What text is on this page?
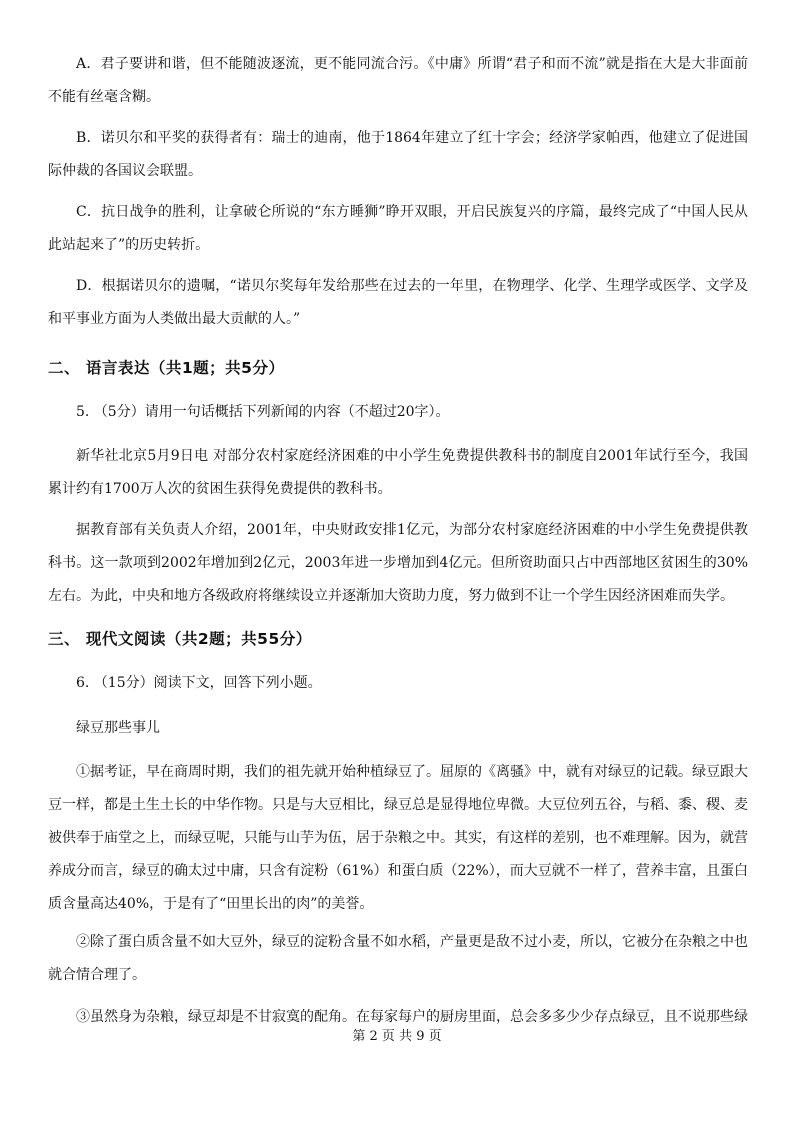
A．君子要讲和谐，但不能随波逐流，更不能同流合污。《中庸》所谓“君子和而不流”就是指在大是大非面前不能有丝毫含糊。

B．诺贝尔和平奖的获得者有：瑞士的迪南，他于1864年建立了红十字会；经济学家帕西，他建立了促进国际仲裁的各国议会联盟。

C．抗日战争的胜利，让拿破仑所说的“东方睡狮”睁开双眼，开启民族复兴的序篇，最终完成了“中国人民从此站起来了”的历史转折。

D．根据诺贝尔的遗嘱，“诺贝尔奖每年发给那些在过去的一年里，在物理学、化学、生理学或医学、文学及和平事业方面为人类做出最大贡献的人。”

二、 语言表达（共1题；共5分）

5. （5分）请用一句话概括下列新闻的内容（不超过20字）。

新华社北京5月9日电 对部分农村家庭经济困难的中小学生免费提供教科书的制度自2001年试行至今，我国累计约有1700万人次的贫困生获得免费提供的教科书。

据教育部有关负责人介绍，2001年，中央财政安排1亿元，为部分农村家庭经济困难的中小学生免费提供教科书。这一款项到2002年增加到2亿元，2003年进一步增加到4亿元。但所资助面只占中西部地区贫困生的30%左右。为此，中央和地方各级政府将继续设立并逐渐加大资助力度，努力做到不让一个学生因经济困难而失学。

三、 现代文阅读（共2题；共55分）

6. （15分）阅读下文，回答下列小题。

绿豆那些事儿

①据考证，早在商周时期，我们的祖先就开始种植绿豆了。屈原的《离骚》中，就有对绿豆的记载。绿豆跟大豆一样，都是土生土长的中华作物。只是与大豆相比，绿豆总是显得地位卑微。大豆位列五谷，与稻、黍、稷、麦被供奉于庙堂之上，而绿豆呢，只能与山芋为伍，居于杂粮之中。其实，有这样的差别，也不难理解。因为，就营养成分而言，绿豆的确太过中庸，只含有淀粉（61%）和蛋白质（22%），而大豆就不一样了，营养丰富，且蛋白质含量高达40%，于是有了“田里长出的肉”的美誉。

②除了蛋白质含量不如大豆外，绿豆的淀粉含量不如水稻，产量更是敌不过小麦，所以，它被分在杂粮之中也就合情合理了。

③虽然身为杂粮，绿豆却是不甘寂寞的配角。在每家每户的厨房里面，总会多多少少存点绿豆，且不说那些绿

第 2 页 共 9 页
